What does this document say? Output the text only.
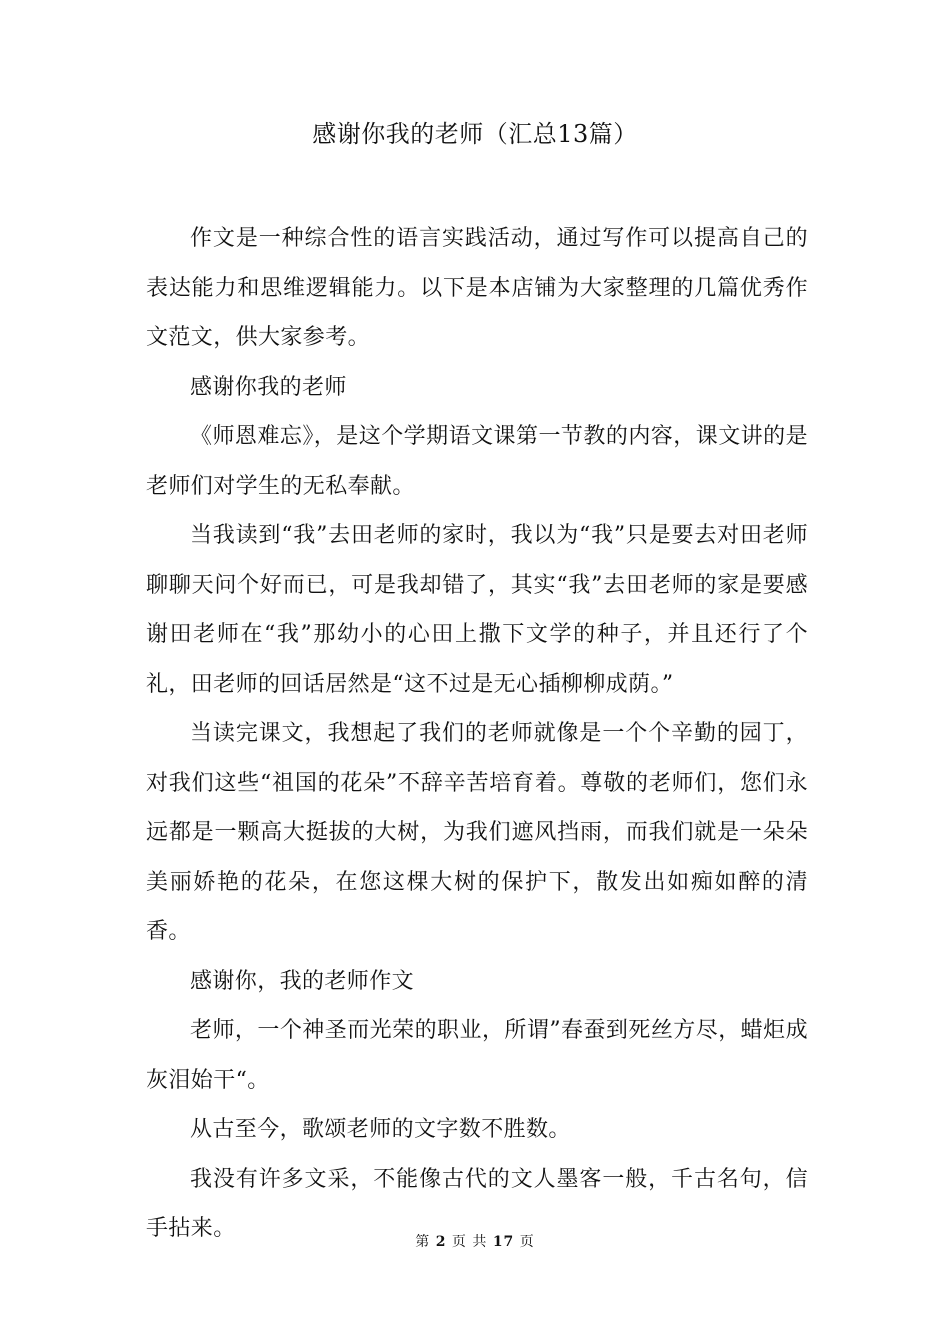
感谢你我的老师（汇总13篇）

作文是一种综合性的语言实践活动，通过写作可以提高自己的表达能力和思维逻辑能力。以下是本店铺为大家整理的几篇优秀作文范文，供大家参考。

感谢你我的老师

《师恩难忘》，是这个学期语文课第一节教的内容，课文讲的是老师们对学生的无私奉献。

当我读到“我”去田老师的家时，我以为“我”只是要去对田老师聊聊天问个好而已，可是我却错了，其实“我”去田老师的家是要感谢田老师在“我”那幼小的心田上撒下文学的种子，并且还行了个礼，田老师的回话居然是“这不过是无心插柳柳成荫。”

当读完课文，我想起了我们的老师就像是一个个辛勤的园丁，对我们这些“祖国的花朵”不辞辛苦培育着。尊敬的老师们，您们永远都是一颗高大挺拔的大树，为我们遮风挡雨，而我们就是一朵朵美丽娇艳的花朵，在您这棵大树的保护下，散发出如痴如醉的清香。

感谢你，我的老师作文

老师，一个神圣而光荣的职业，所谓”春蚕到死丝方尽，蜡炬成灰泪始干“。

从古至今，歌颂老师的文字数不胜数。

我没有许多文采，不能像古代的文人墨客一般，千古名句，信手拈来。

第 2 页 共 17 页
